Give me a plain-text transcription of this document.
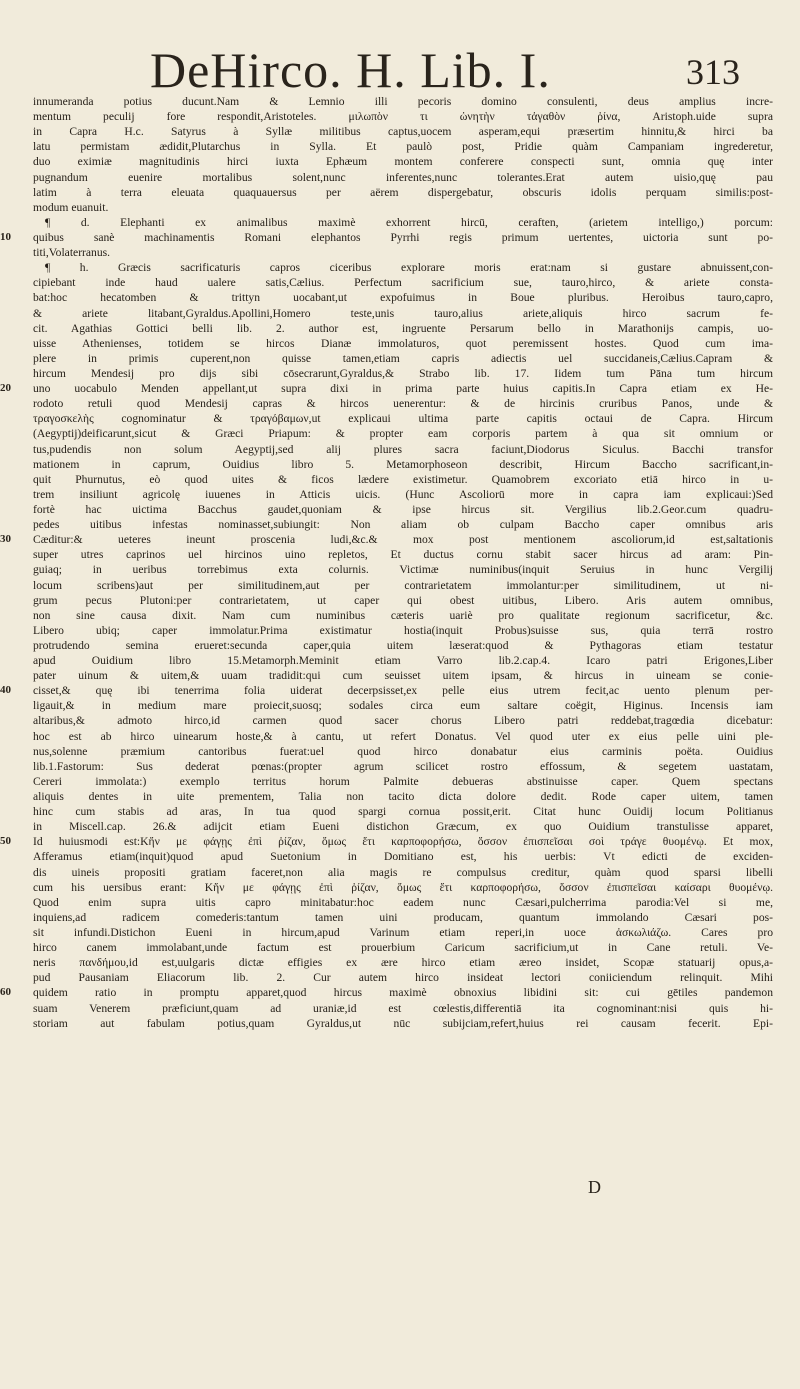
DeHirco. H. Lib. I.	313
innumeranda potius ducunt.Nam & Lemnio illi pecoris domino consulenti, deus amplius incre-
mentum peculij fore respondit,Aristoteles. μιλωπὸν τι ὠνητὴν τἀγαθὸν ῥίνα, Aristoph.uide supra
in Capra H.c. Satyrus à Syllæ militibus captus,uocem asperam,equi præsertim hinnitu,& hirci ba
latu permistam ædidit,Plutarchus in Sylla. Et paulò post, Pridie quàm Campaniam ingrederetur,
duo eximiæ magnitudinis hirci iuxta Ephæum montem conferere conspecti sunt, omnia quę inter
pugnandum euenire mortalibus solent,nunc inferentes,nunc tolerantes.Erat autem uisio,quę pau
latim à terra eleuata quaquauersus per aërem dispergebatur, obscuris idolis perquam similis:post-
modum euanuit.
¶ d. Elephanti ex animalibus maximè exhorrent hircū, ceraften, (arietem intelligo,) porcum:
10	quibus sanè machinamentis Romani elephantos Pyrrhi regis primum uertentes, uictoria sunt po-
titi,Volaterranus.
¶ h. Græcis sacrificaturis capros ciceribus explorare moris erat:nam si gustare abnuissent,con-
cipiebant inde haud ualere satis,Cælius. Perfectum sacrificium sue, tauro,hirco, & ariete consta-
bat:hoc hecatomben & trittyn uocabant,ut expofuimus in Boue pluribus. Heroibus tauro,capro,
& ariete litabant,Gyraldus.Apollini,Homero teste,unis tauro,alius ariete,aliquis hirco sacrum fe-
cit. Agathias Gottici belli lib. 2. author est, ingruente Persarum bello in Marathonijs campis, uo-
uisse Athenienses, totidem se hircos Dianæ immolaturos, quot peremissent hostes. Quod cum ima-
plere in primis cuperent,non quisse tamen,etiam capris adiectis uel succidaneis,Cælius.Capram &
hircum Mendesij pro dijs sibi cōsecrarunt,Gyraldus,& Strabo lib. 17. Iidem tum Pāna tum hircum
20	uno uocabulo Menden appellant,ut supra dixi in prima parte huius capitis.In Capra etiam ex He-
rodoto retuli quod Mendesij capras & hircos uenerentur: & de hircinis cruribus Panos, unde &
τραγοσκελὴς cognominatur & τραγόβαμων,ut explicaui ultima parte capitis octaui de Capra. Hircum
(Aegyptij)deificarunt,sicut & Græci Priapum: & propter eam corporis partem à qua sit omnium or
tus,pudendis non solum Aegyptij,sed alij plures sacra faciunt,Diodorus Siculus. Bacchi transfor
mationem in caprum, Ouidius libro 5. Metamorphoseon describit, Hircum Baccho sacrificant,in-
quit Phurnutus, eò quod uites & ficos lædere existimetur. Quamobrem excoriato etiā hirco in u-
trem insiliunt agricolę iuuenes in Atticis uicis. (Hunc Ascoliorū more in capra iam explicaui:)Sed
fortè hac uictima Bacchus gaudet,quoniam & ipse hircus sit. Vergilius lib.2.Geor.cum quadru-
pedes uitibus infestas nominasset,subiungit: Non aliam ob culpam Baccho caper omnibus aris
30	Cæditur:& ueteres ineunt proscenia ludi,&c.& mox post mentionem ascoliorum,id est,saltationis
super utres caprinos uel hircinos uino repletos, Et ductus cornu stabit sacer hircus ad aram: Pin-
guiaq; in ueribus torrebimus exta colurnis. Victimæ numinibus(inquit Seruius in hunc Vergilij
locum scribens)aut per similitudinem,aut per contrarietatem immolantur:per similitudinem, ut ni-
grum pecus Plutoni:per contrarietatem, ut caper qui obest uitibus, Libero. Aris autem omnibus,
non sine causa dixit. Nam cum numinibus cæteris uariè pro qualitate regionum sacrificetur, &c.
Libero ubiq; caper immolatur.Prima existimatur hostia(inquit Probus)suisse sus, quia terrā rostro
protrudendo semina erueret:secunda caper,quia uitem læserat:quod & Pythagoras etiam testatur
apud Ouidium libro 15.Metamorph.Meminit etiam Varro lib.2.cap.4. Icaro patri Erigones,Liber
pater uinum & uitem,& uuam tradidit:qui cum seuisset uitem ipsam, & hircus in uineam se conie-
40	cisset,& quę ibi tenerrima folia uiderat decerpsisset,ex pelle eius utrem fecit,ac uento plenum per-
ligauit,& in medium mare proiecit,suosq; sodales circa eum saltare coëgit, Higinus. Incensis iam
altaribus,& admoto hirco,id carmen quod sacer chorus Libero patri reddebat,tragœdia dicebatur:
hoc est ab hirco uinearum hoste,& à cantu, ut refert Donatus. Vel quod uter ex eius pelle uini ple-
nus,solenne præmium cantoribus fuerat:uel quod hirco donabatur eius carminis poëta. Ouidius
lib.1.Fastorum: Sus dederat pœnas:(propter agrum scilicet rostro effossum, & segetem uastatam,
Cereri immolata:) exemplo territus horum Palmite debueras abstinuisse caper. Quem spectans
aliquis dentes in uite prementem, Talia non tacito dicta dolore dedit. Rode caper uitem, tamen
hinc cum stabis ad aras, In tua quod spargi cornua possit,erit. Citat hunc Ouidij locum Politianus
in Miscell.cap. 26.& adijcit etiam Eueni distichon Græcum, ex quo Ouidium transtulisse apparet,
50	Id huiusmodi est:Κἤν με φάγῃς ἐπὶ ῥίζαν, ὅμως ἔτι καρποφορήσω, ὅσσον ἐπισπεῖσαι σοὶ τράγε θυομένῳ. Et mox,
Afferamus etiam(inquit)quod apud Suetonium in Domitiano est, his uerbis: Vt edicti de exciden-
dis uineis propositi gratiam faceret,non alia magis re compulsus creditur, quàm quod sparsi libelli
cum his uersibus erant: Κἤν με φάγῃς ἐπὶ ῥίζαν, ὅμως ἔτι καρποφορήσω, ὅσσον ἐπισπεῖσαι καίσαρι θυομένῳ.
Quod enim supra uitis capro minitabatur:hoc eadem nunc Cæsari,pulcherrima parodia:Vel si me,
inquiens,ad radicem comederis:tantum tamen uini producam, quantum immolando Cæsari pos-
sit infundi.Distichon Eueni in hircum,apud Varinum etiam reperi,in uoce ἀσκωλιάζω. Cares pro
hirco canem immolabant,unde factum est prouerbium Caricum sacrificium,ut in Cane retuli. Ve-
neris πανδήμου,id est,uulgaris dictæ effigies ex ære hirco etiam æreo insidet, Scopæ statuarij opus,a-
pud Pausaniam Eliacorum lib. 2. Cur autem hirco insideat lectori coniiciendum relinquit. Mihi
60	quidem ratio in promptu apparet,quod hircus maximè obnoxius libidini sit: cui gētiles pandemon
suam Venerem præficiunt,quam ad uraniæ,id est cœlestis,differentiā ita cognominant:nisi quis hi-
storiam aut fabulam potius,quam Gyraldus,ut nūc subijciam,refert,huius rei causam fecerit. Epi-
D
